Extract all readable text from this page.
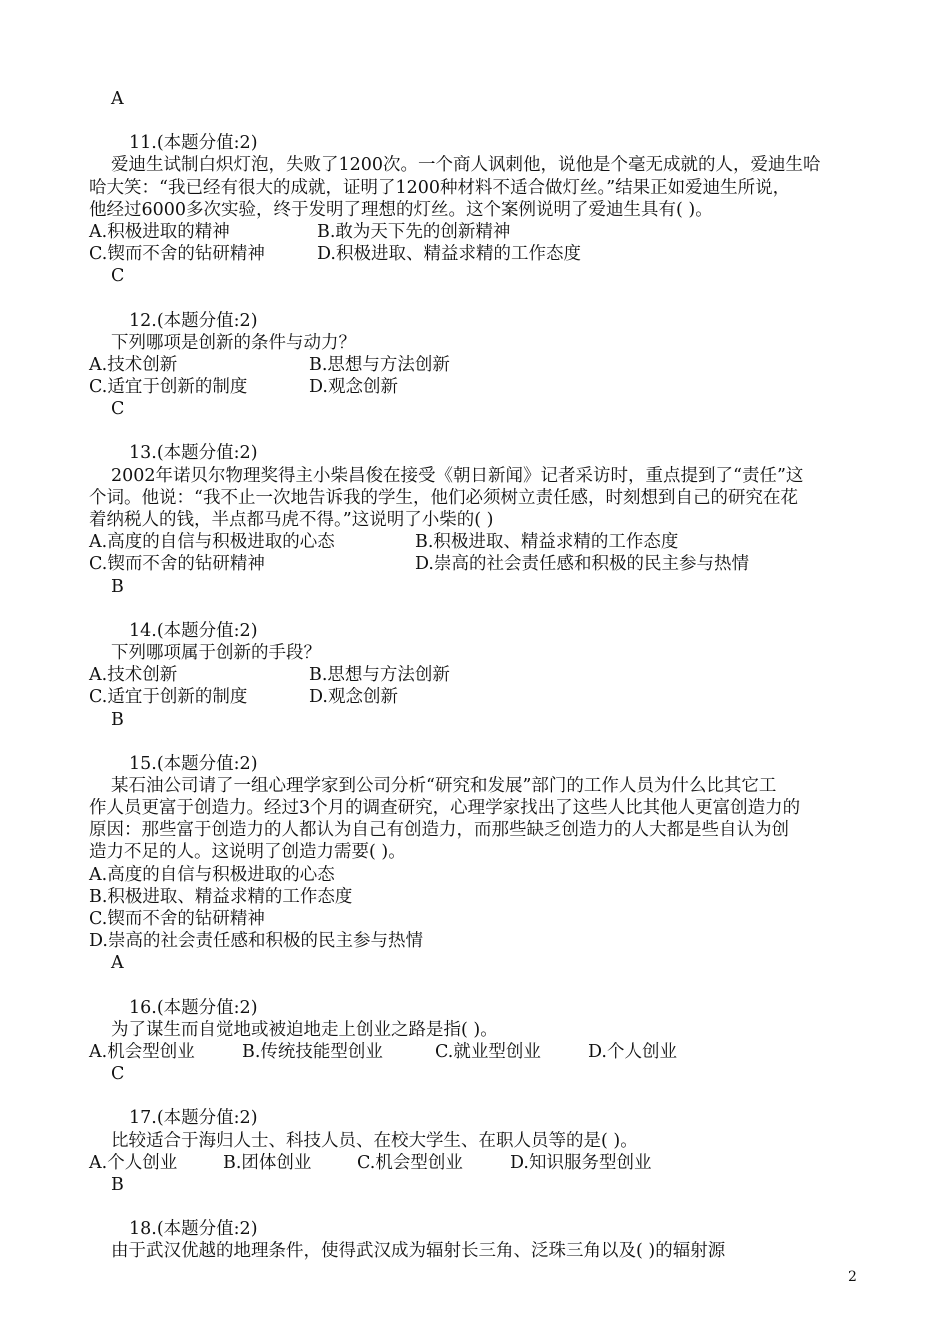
A
11.(本题分值:2)
爱迪生试制白炽灯泡，失败了1200次。一个商人讽刺他，说他是个毫无成就的人，爱迪生哈
哈大笑：“我已经有很大的成就，证明了1200种材料不适合做灯丝。”结果正如爱迪生所说，
他经过6000多次实验，终于发明了理想的灯丝。这个案例说明了爱迪生具有( )。
A.积极进取的精神	B.敢为天下先的创新精神
C.锲而不舍的钻研精神	D.积极进取、精益求精的工作态度
C
12.(本题分值:2)
下列哪项是创新的条件与动力？
A.技术创新	B.思想与方法创新
C.适宜于创新的制度	D.观念创新
C
13.(本题分值:2)
2002年诺贝尔物理奖得主小柴昌俊在接受《朝日新闻》记者采访时，重点提到了“责任”这
个词。他说：“我不止一次地告诉我的学生，他们必须树立责任感，时刻想到自己的研究在花
着纳税人的钱，半点都马虎不得。”这说明了小柴的( )
A.高度的自信与积极进取的心态	B.积极进取、精益求精的工作态度
C.锲而不舍的钻研精神	D.崇高的社会责任感和积极的民主参与热情
B
14.(本题分值:2)
下列哪项属于创新的手段？
A.技术创新	B.思想与方法创新
C.适宜于创新的制度	D.观念创新
B
15.(本题分值:2)
某石油公司请了一组心理学家到公司分析“研究和发展”部门的工作人员为什么比其它工
作人员更富于创造力。经过3个月的调查研究，心理学家找出了这些人比其他人更富创造力的
原因：那些富于创造力的人都认为自己有创造力，而那些缺乏创造力的人大都是些自认为创
造力不足的人。这说明了创造力需要( )。
A.高度的自信与积极进取的心态
B.积极进取、精益求精的工作态度
C.锲而不舍的钻研精神
D.崇高的社会责任感和积极的民主参与热情
A
16.(本题分值:2)
为了谋生而自觉地或被迫地走上创业之路是指( )。
A.机会型创业	B.传统技能型创业	C.就业型创业	D.个人创业
C
17.(本题分值:2)
比较适合于海归人士、科技人员、在校大学生、在职人员等的是( )。
A.个人创业	B.团体创业	C.机会型创业	D.知识服务型创业
B
18.(本题分值:2)
由于武汉优越的地理条件，使得武汉成为辐射长三角、泛珠三角以及( )的辐射源
2
